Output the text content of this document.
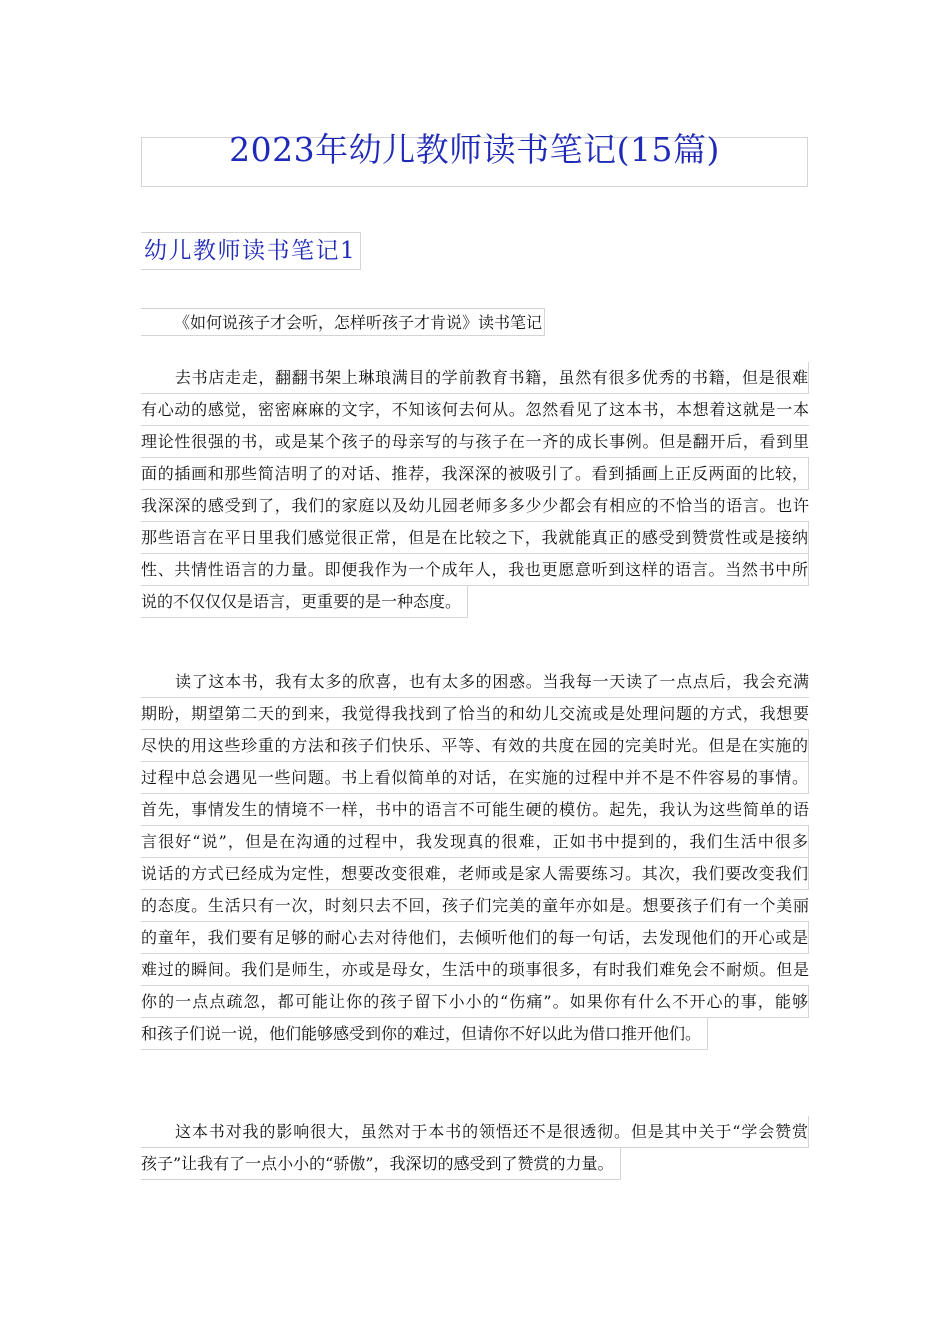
2023年幼儿教师读书笔记(15篇)
幼儿教师读书笔记1
《如何说孩子才会听，怎样听孩子才肯说》读书笔记
去书店走走，翻翻书架上琳琅满目的学前教育书籍，虽然有很多优秀的书籍，但是很难
有心动的感觉，密密麻麻的文字，不知该何去何从。忽然看见了这本书，本想着这就是一本
理论性很强的书，或是某个孩子的母亲写的与孩子在一齐的成长事例。但是翻开后，看到里
面的插画和那些简洁明了的对话、推荐，我深深的被吸引了。看到插画上正反两面的比较，
我深深的感受到了，我们的家庭以及幼儿园老师多多少少都会有相应的不恰当的语言。也许
那些语言在平日里我们感觉很正常，但是在比较之下，我就能真正的感受到赞赏性或是接纳
性、共情性语言的力量。即便我作为一个成年人，我也更愿意听到这样的语言。当然书中所
说的不仅仅仅是语言，更重要的是一种态度。
读了这本书，我有太多的欣喜，也有太多的困惑。当我每一天读了一点点后，我会充满
期盼，期望第二天的到来，我觉得我找到了恰当的和幼儿交流或是处理问题的方式，我想要
尽快的用这些珍重的方法和孩子们快乐、平等、有效的共度在园的完美时光。但是在实施的
过程中总会遇见一些问题。书上看似简单的对话，在实施的过程中并不是不件容易的事情。
首先，事情发生的情境不一样，书中的语言不可能生硬的模仿。起先，我认为这些简单的语
言很好“说”，但是在沟通的过程中，我发现真的很难，正如书中提到的，我们生活中很多
说话的方式已经成为定性，想要改变很难，老师或是家人需要练习。其次，我们要改变我们
的态度。生活只有一次，时刻只去不回，孩子们完美的童年亦如是。想要孩子们有一个美丽
的童年，我们要有足够的耐心去对待他们，去倾听他们的每一句话，去发现他们的开心或是
难过的瞬间。我们是师生，亦或是母女，生活中的琐事很多，有时我们难免会不耐烦。但是
你的一点点疏忽，都可能让你的孩子留下小小的“伤痛”。如果你有什么不开心的事，能够
和孩子们说一说，他们能够感受到你的难过，但请你不好以此为借口推开他们。
这本书对我的影响很大，虽然对于本书的领悟还不是很透彻。但是其中关于“学会赞赏
孩子”让我有了一点小小的“骄傲”，我深切的感受到了赞赏的力量。
